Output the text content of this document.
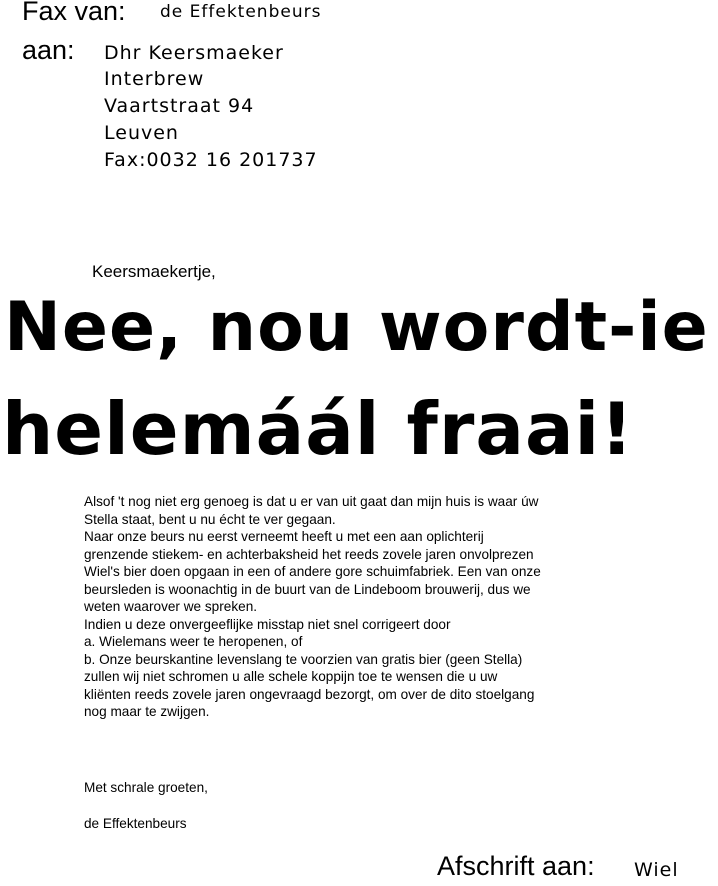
Fax van: de Effektenbeurs
aan: Dhr Keersmaeker
Interbrew
Vaartstraat 94
Leuven
Fax:0032 16 201737
Keersmaekertje,
Nee, nou wordt-ie
helemáál fraai!
Alsof 't nog niet erg genoeg is dat u er van uit gaat dan mijn huis is waar úw
Stella staat, bent u nu écht te ver gegaan.
Naar onze beurs nu eerst verneemt heeft u met een aan oplichterij
grenzende stiekem- en achterbaksheid het reeds zovele jaren onvolprezen
Wiel's bier doen opgaan in een of andere gore schuimfabriek. Een van onze
beursleden is woonachtig in de buurt van de Lindeboom brouwerij, dus we
weten waarover we spreken.
Indien u deze onvergeeflijke misstap niet snel corrigeert door
a. Wielemans weer te heropenen, of
b. Onze beurskantine levenslang te voorzien van gratis bier (geen Stella)
zullen wij niet schromen u alle schele koppijn toe te wensen die u uw
kliënten reeds zovele jaren ongevraagd bezorgt, om over de dito stoelgang
nog maar te zwijgen.
Met schrale groeten,
de Effektenbeurs
Afschrift aan: Wiel
